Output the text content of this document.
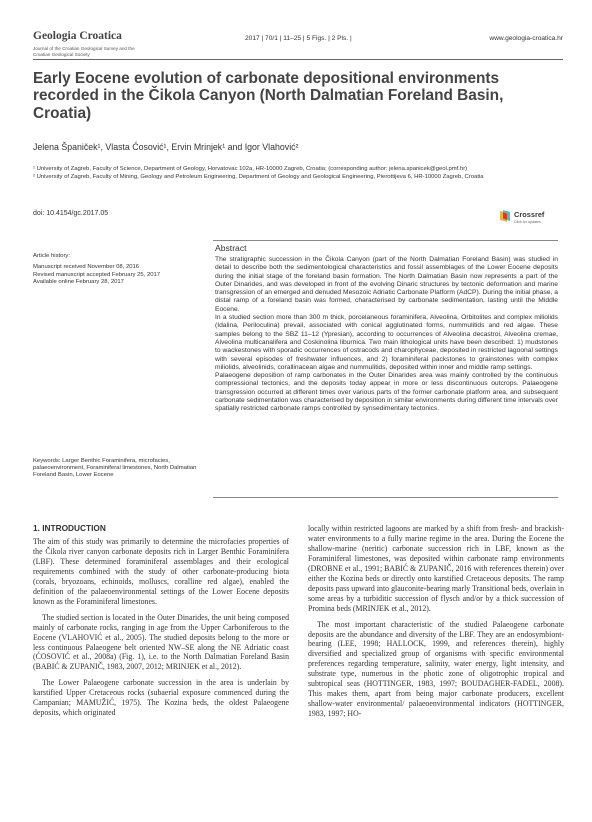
Geologia Croatica
Journal of the Croatian Geological Survey and the Croatian Geological Society
2017 | 70/1 | 11–25 | 5 Figs. | 2 Pls. |	www.geologia-croatica.hr
Early Eocene evolution of carbonate depositional environments recorded in the Čikola Canyon (North Dalmatian Foreland Basin, Croatia)
Jelena Španiček¹, Vlasta Ćosović¹, Ervin Mrinjek¹ and Igor Vlahović²

¹ University of Zagreb, Faculty of Science, Department of Geology, Horvatovac 102a, HR-10000 Zagreb, Croatia; (corresponding author: jelena.spanicek@geol.pmf.hr)

² University of Zagreb, Faculty of Mining, Geology and Petroleum Engineering, Department of Geology and Geological Engineering, Pierottijeva 6, HR-10000 Zagreb, Croatia

doi: 10.4154/gc.2017.05	Crossref
Click for updates
Article history:
Manuscript received November 08, 2016
Revised manuscript accepted February 25, 2017
Available online February 28, 2017
Keywords: Larger Benthic Foraminifera, microfacies, palaeoenvironment, Foraminiferal limestones, North Dalmatian Foreland Basin, Lower Eocene
Abstract

The stratigraphic succession in the Čikola Canyon (part of the North Dalmatian Foreland Basin) was studied in detail to describe both the sedimentological characteristics and fossil assemblages of the Lower Eocene deposits during the initial stage of the foreland basin formation. The North Dalmatian Basin now represents a part of the Outer Dinarides, and was developed in front of the evolving Dinaric structures by tectonic deformation and marine transgression of an emerged and denuded Mesozoic Adriatic Carbonate Platform (AdCP). During the initial phase, a distal ramp of a foreland basin was formed, characterised by carbonate sedimentation, lasting until the Middle Eocene.

In a studied section more than 300 m thick, porcelaneous foraminifera, Alveolina, Orbitolites and complex miliolids (Idalina, Periloculina) prevail, associated with conical agglutinated forms, nummulitids and red algae. These samples belong to the SBZ 11–12 (Ypresian), according to occurrences of Alveolina decastroi, Alveolina cremae, Alveolina multicanalifera and Coskinolina liburnica. Two main lithological units have been described: 1) mudstones to wackestones with sporadic occurrences of ostracods and charophyceae, deposited in restricted lagoonal settings with several episodes of freshwater influences, and 2) foraminiferal packstones to grainstones with complex miliolids, alveolinids, corallinacean algae and nummulitids, deposited within inner and middle ramp settings.

Palaeogene deposition of ramp carbonates in the Outer Dinarides area was mainly controlled by the continuous compressional tectonics, and the deposits today appear in more or less discontinuous outcrops. Palaeogene transgression occurred at different times over various parts of the former carbonate platform area, and subsequent carbonate sedimentation was characterised by deposition in similar environments during different time intervals over spatially restricted carbonate ramps controlled by synsedimentary tectonics.

1. INTRODUCTION

The aim of this study was primarily to determine the microfacies properties of the Čikola river canyon carbonate deposits rich in Larger Benthic Foraminifera (LBF). These determined foraminiferal assemblages and their ecological requirements combined with the study of other carbonate-producing biota (corals, bryozoans, echinoids, molluscs, coralline red algae), enabled the definition of the palaeoenvironmental settings of the Lower Eocene deposits known as the Foraminiferal limestones.

The studied section is located in the Outer Dinarides, the unit being composed mainly of carbonate rocks, ranging in age from the Upper Carboniferous to the Eocene (VLAHOVIĆ et al., 2005). The studied deposits belong to the more or less continuous Palaeogene belt oriented NW–SE along the NE Adriatic coast (ĆOSOVIĆ et al., 2008a) (Fig. 1), i.e. to the North Dalmatian Foreland Basin (BABIĆ & ZUPANIČ, 1983, 2007, 2012; MRINJEK et al., 2012).

The Lower Palaeogene carbonate succession in the area is underlain by karstified Upper Cretaceous rocks (subaerial exposure commenced during the Campanian; MAMUŽIĆ, 1975). The Kozina beds, the oldest Palaeogene deposits, which originated

locally within restricted lagoons are marked by a shift from fresh- and brackish-water environments to a fully marine regime in the area. During the Eocene the shallow-marine (neritic) carbonate succession rich in LBF, known as the Foraminiferal limestones, was deposited within carbonate ramp environments (DROBNE et al., 1991; BABIĆ & ZUPANIČ, 2016 with references therein) over either the Kozina beds or directly onto karstified Cretaceous deposits. The ramp deposits pass upward into glauconite-bearing marly Transitional beds, overlain in some areas by a turbiditic succession of flysch and/or by a thick succession of Promina beds (MRINJEK et al., 2012).

The most important characteristic of the studied Palaeogene carbonate deposits are the abundance and diversity of the LBF. They are an endosymbiont-bearing (LEE, 1998; HALLOCK, 1999, and references therein), highly diversified and specialized group of organisms with specific environmental preferences regarding temperature, salinity, water energy, light intensity, and substrate type, numerous in the photic zone of oligotrophic tropical and subtropical seas (HOTTINGER, 1983, 1997; BOUDAGHER-FADEL, 2008). This makes them, apart from being major carbonate producers, excellent shallow-water environmental/ palaeoenvironmental indicators (HOTTINGER, 1983, 1997; HO-
